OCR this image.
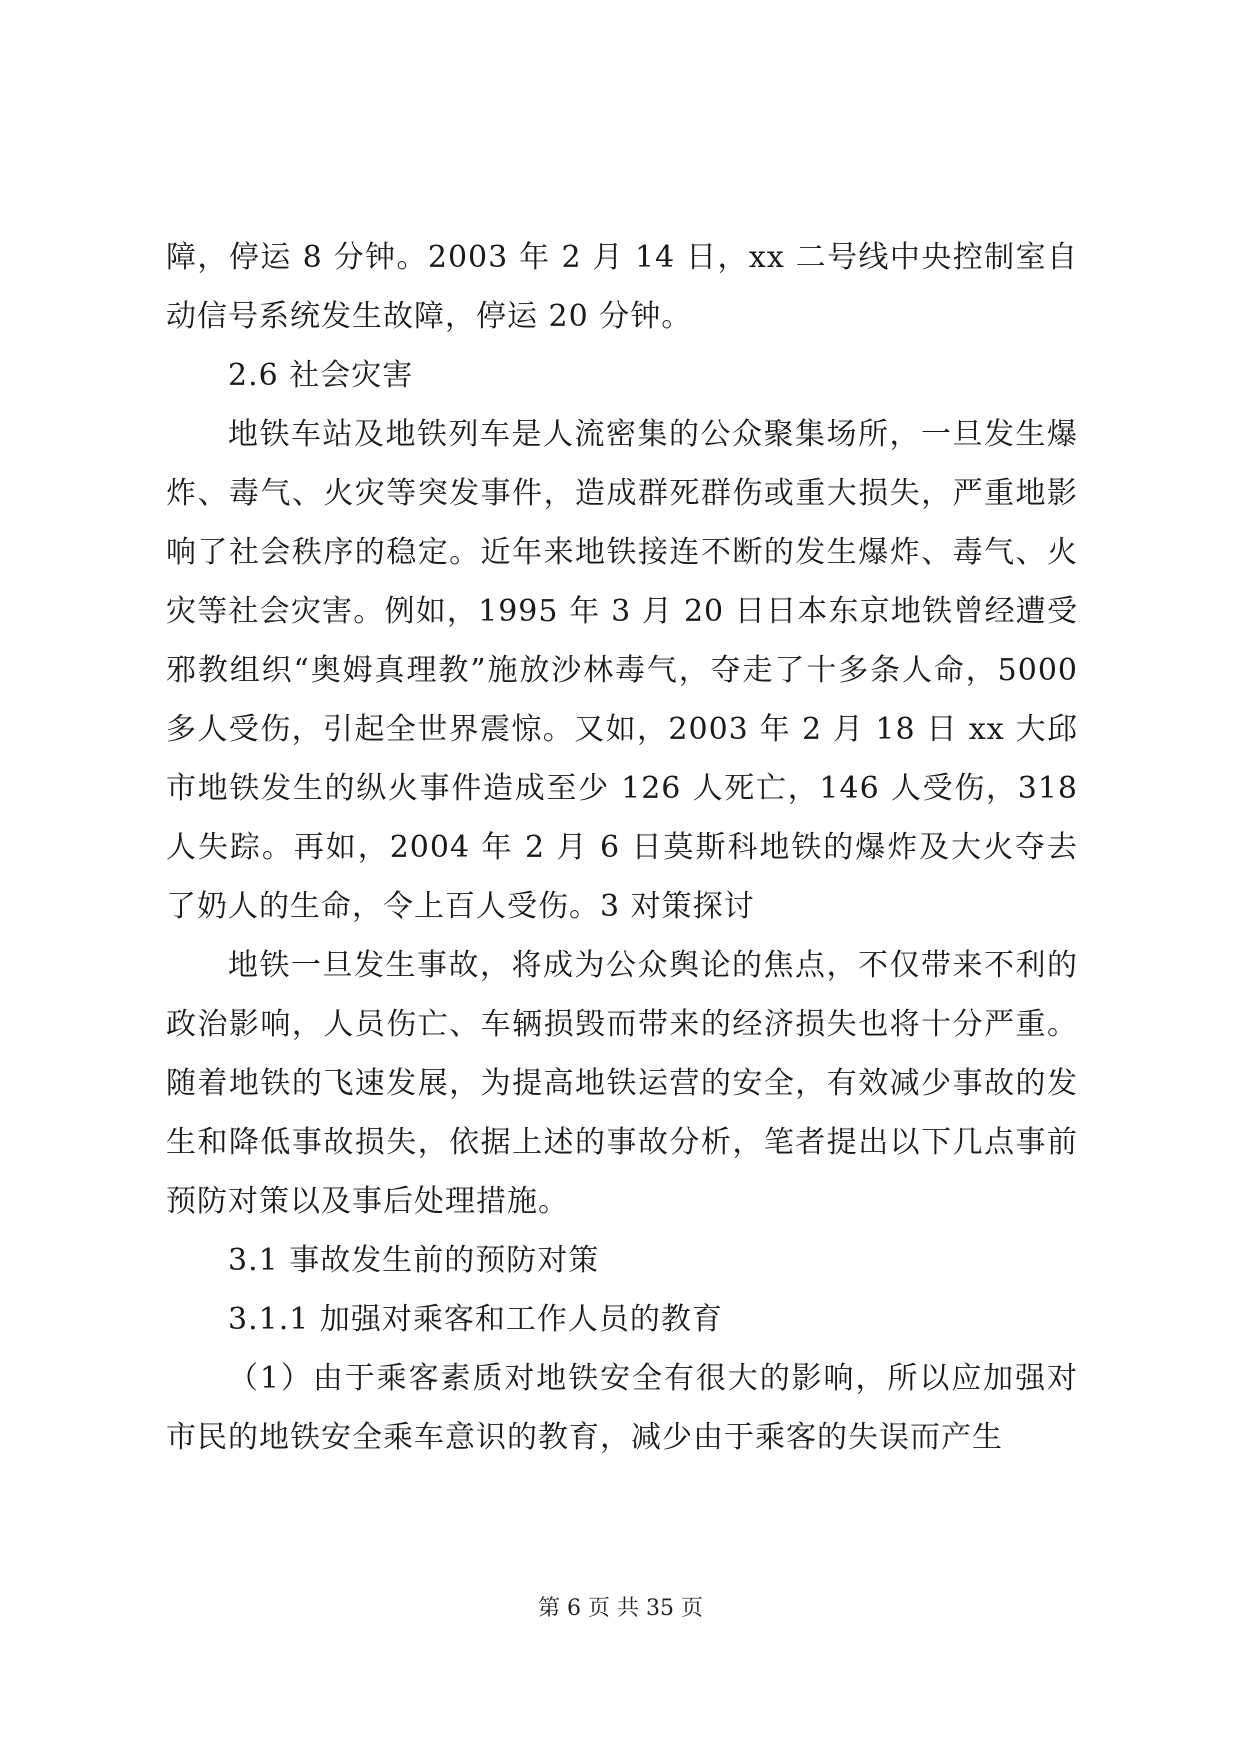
障，停运 8 分钟。2003 年 2 月 14 日，xx 二号线中央控制室自动信号系统发生故障，停运 20 分钟。

2.6 社会灾害

地铁车站及地铁列车是人流密集的公众聚集场所，一旦发生爆炸、毒气、火灾等突发事件，造成群死群伤或重大损失，严重地影响了社会秩序的稳定。近年来地铁接连不断的发生爆炸、毒气、火灾等社会灾害。例如，1995 年 3 月 20 日日本东京地铁曾经遭受邪教组织“奥姆真理教”施放沙林毒气，夺走了十多条人命，5000 多人受伤，引起全世界震惊。又如，2003 年 2 月 18 日 xx 大邱市地铁发生的纵火事件造成至少 126 人死亡，146 人受伤，318 人失踪。再如，2004 年 2 月 6 日莫斯科地铁的爆炸及大火夺去了奶人的生命，令上百人受伤。3 对策探讨

地铁一旦发生事故，将成为公众舆论的焦点，不仅带来不利的政治影响，人员伤亡、车辆损毁而带来的经济损失也将十分严重。随着地铁的飞速发展，为提高地铁运营的安全，有效减少事故的发生和降低事故损失，依据上述的事故分析，笔者提出以下几点事前预防对策以及事后处理措施。

3.1 事故发生前的预防对策

3.1.1 加强对乘客和工作人员的教育

（1）由于乘客素质对地铁安全有很大的影响，所以应加强对市民的地铁安全乘车意识的教育，减少由于乘客的失误而产生

第 6 页 共 35 页
